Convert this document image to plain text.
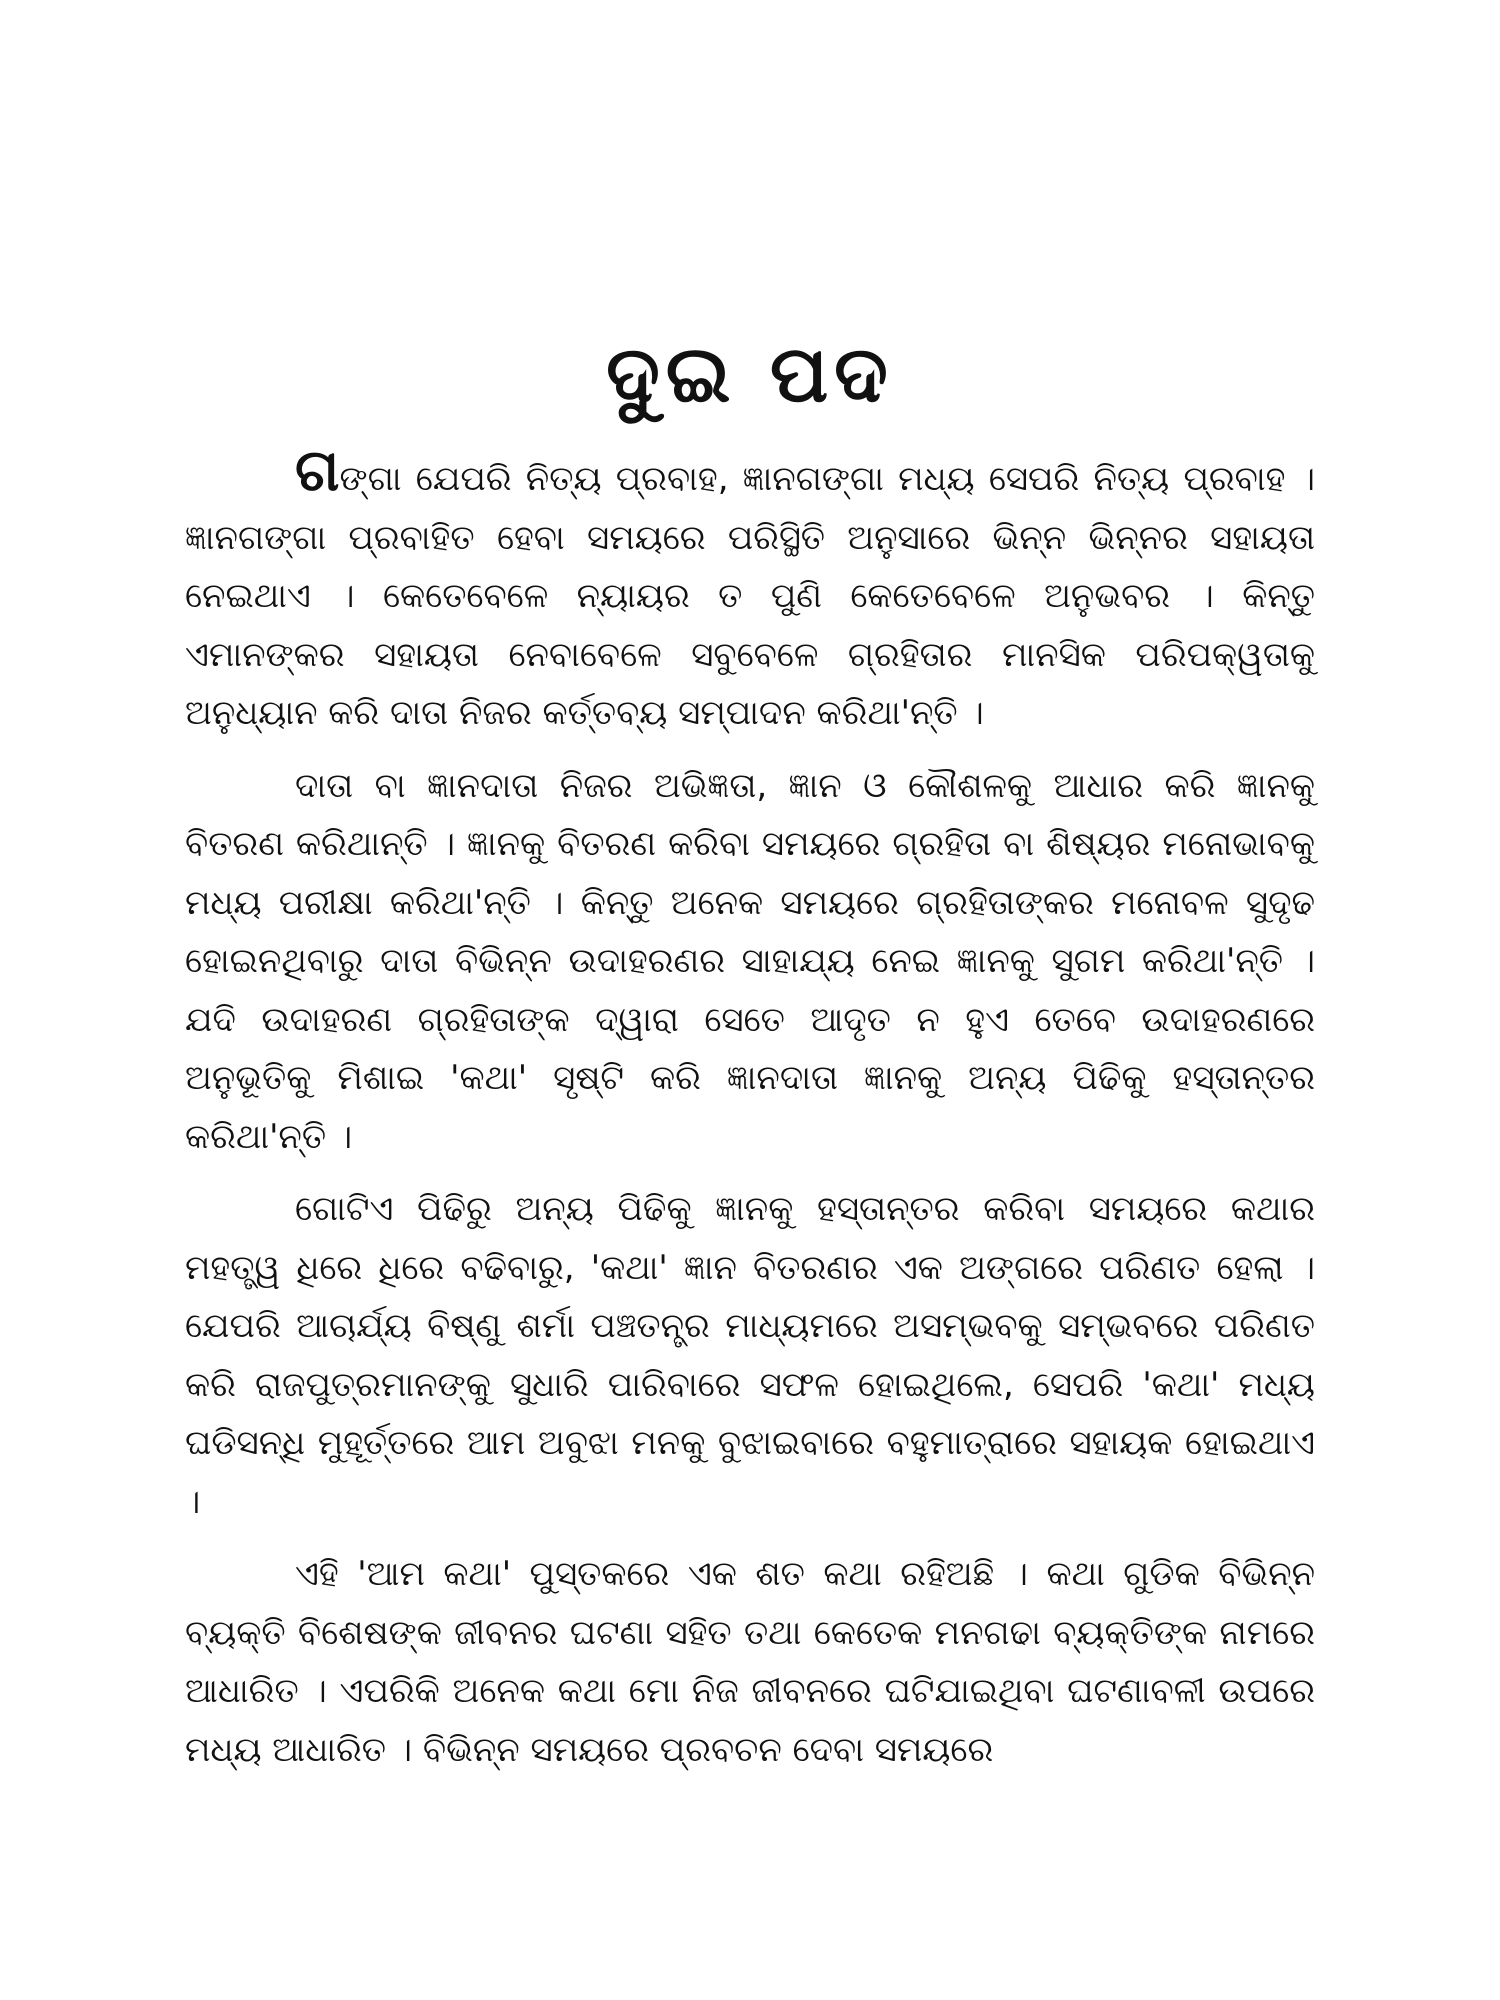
ଦୁଇ ପଦ

ଗଙ୍ଗା ଯେପରି ନିତ୍ୟ ପ୍ରବାହ, ଜ୍ଞାନଗଙ୍ଗା ମଧ୍ୟ ସେପରି ନିତ୍ୟ ପ୍ରବାହ । ଜ୍ଞାନଗଙ୍ଗା ପ୍ରବାହିତ ହେବା ସମୟରେ ପରିସ୍ଥିତି ଅନୁସାରେ ଭିନ୍ନ ଭିନ୍ନର ସହାୟତା ନେଇଥାଏ । କେତେବେଳେ ନ୍ୟାୟର ତ ପୁଣି କେତେବେଳେ ଅନୁଭବର । କିନ୍ତୁ ଏମାନଙ୍କର ସହାୟତା ନେବାବେଳେ ସବୁବେଳେ ଗ୍ରହିତାର ମାନସିକ ପରିପକ୍ୱତାକୁ ଅନୁଧ୍ୟାନ କରି ଦାତା ନିଜର କର୍ତ୍ତବ୍ୟ ସମ୍ପାଦନ କରିଥା'ନ୍ତି ।

ଦାତା ବା ଜ୍ଞାନଦାତା ନିଜର ଅଭିଜ୍ଞତା, ଜ୍ଞାନ ଓ କୌଶଳକୁ ଆଧାର କରି ଜ୍ଞାନକୁ ବିତରଣ କରିଥାନ୍ତି । ଜ୍ଞାନକୁ ବିତରଣ କରିବା ସମୟରେ ଗ୍ରହିତା ବା ଶିଷ୍ୟର ମନୋଭାବକୁ ମଧ୍ୟ ପରୀକ୍ଷା କରିଥା'ନ୍ତି । କିନ୍ତୁ ଅନେକ ସମୟରେ ଗ୍ରହିତାଙ୍କର ମନୋବଳ ସୁଦୃଢ ହୋଇନଥିବାରୁ ଦାତା ବିଭିନ୍ନ ଉଦାହରଣର ସାହାଯ୍ୟ ନେଇ ଜ୍ଞାନକୁ ସୁଗମ କରିଥା'ନ୍ତି । ଯଦି ଉଦାହରଣ ଗ୍ରହିତାଙ୍କ ଦ୍ୱାରା ସେତେ ଆଦୃତ ନ ହୁଏ ତେବେ ଉଦାହରଣରେ ଅନୁଭୂତିକୁ ମିଶାଇ 'କଥା' ସୃଷ୍ଟି କରି ଜ୍ଞାନଦାତା ଜ୍ଞାନକୁ ଅନ୍ୟ ପିଢିକୁ ହସ୍ତାନ୍ତର କରିଥା'ନ୍ତି ।

ଗୋଟିଏ ପିଢିରୁ ଅନ୍ୟ ପିଢିକୁ ଜ୍ଞାନକୁ ହସ୍ତାନ୍ତର କରିବା ସମୟରେ କଥାର ମହତ୍ତ୍ୱ ଧିରେ ଧିରେ ବଢିବାରୁ, 'କଥା' ଜ୍ଞାନ ବିତରଣର ଏକ ଅଙ୍ଗରେ ପରିଣତ ହେଲା । ଯେପରି ଆଚାର୍ଯ୍ୟ ବିଷ୍ଣୁ ଶର୍ମା ପଞ୍ଚତନ୍ତ୍ର ମାଧ୍ୟମରେ ଅସମ୍ଭବକୁ ସମ୍ଭବରେ ପରିଣତ କରି ରାଜପୁତ୍ରମାନଙ୍କୁ ସୁଧାରି ପାରିବାରେ ସଫଳ ହୋଇଥିଲେ, ସେପରି 'କଥା' ମଧ୍ୟ ଘଡିସନ୍ଧି ମୁହୂର୍ତ୍ତରେ ଆମ ଅବୁଝା ମନକୁ ବୁଝାଇବାରେ ବହୁମାତ୍ରାରେ ସହାୟକ ହୋଇଥାଏ ।

ଏହି 'ଆମ କଥା' ପୁସ୍ତକରେ ଏକ ଶତ କଥା ରହିଅଛି । କଥା ଗୁଡିକ ବିଭିନ୍ନ ବ୍ୟକ୍ତି ବିଶେଷଙ୍କ ଜୀବନର ଘଟଣା ସହିତ ତଥା କେତେକ ମନଗଢା ବ୍ୟକ୍ତିଙ୍କ ନାମରେ ଆଧାରିତ । ଏପରିକି ଅନେକ କଥା ମୋ ନିଜ ଜୀବନରେ ଘଟିଯାଇଥିବା ଘଟଣାବଳୀ ଉପରେ ମଧ୍ୟ ଆଧାରିତ । ବିଭିନ୍ନ ସମୟରେ ପ୍ରବଚନ ଦେବା ସମୟରେ
